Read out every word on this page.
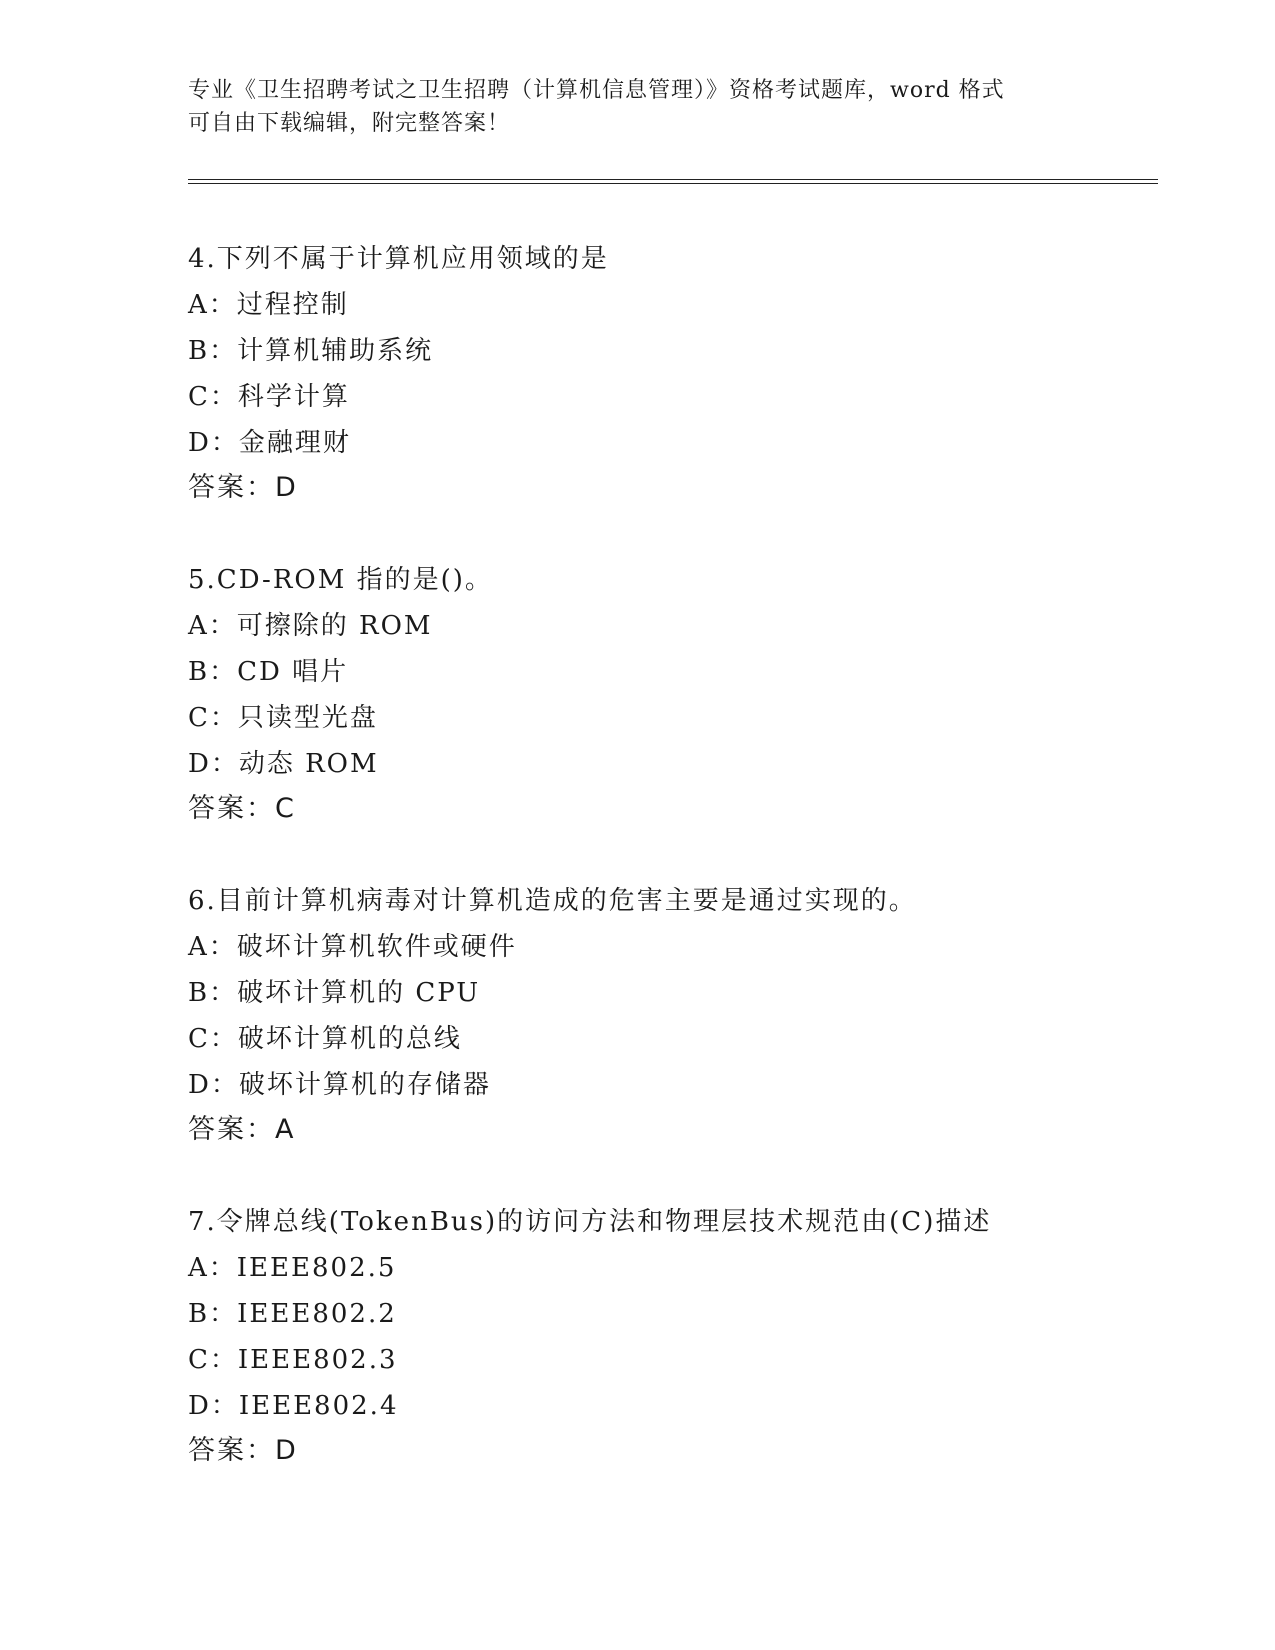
专业《卫生招聘考试之卫生招聘（计算机信息管理）》资格考试题库，word 格式
可自由下载编辑，附完整答案！
4.下列不属于计算机应用领域的是
A：过程控制
B：计算机辅助系统
C：科学计算
D：金融理财
答案：D
5.CD-ROM 指的是()。
A：可擦除的 ROM
B：CD 唱片
C：只读型光盘
D：动态 ROM
答案：C
6.目前计算机病毒对计算机造成的危害主要是通过实现的。
A：破坏计算机软件或硬件
B：破坏计算机的 CPU
C：破坏计算机的总线
D：破坏计算机的存储器
答案：A
7.令牌总线(TokenBus)的访问方法和物理层技术规范由(C)描述
A：IEEE802.5
B：IEEE802.2
C：IEEE802.3
D：IEEE802.4
答案：D
